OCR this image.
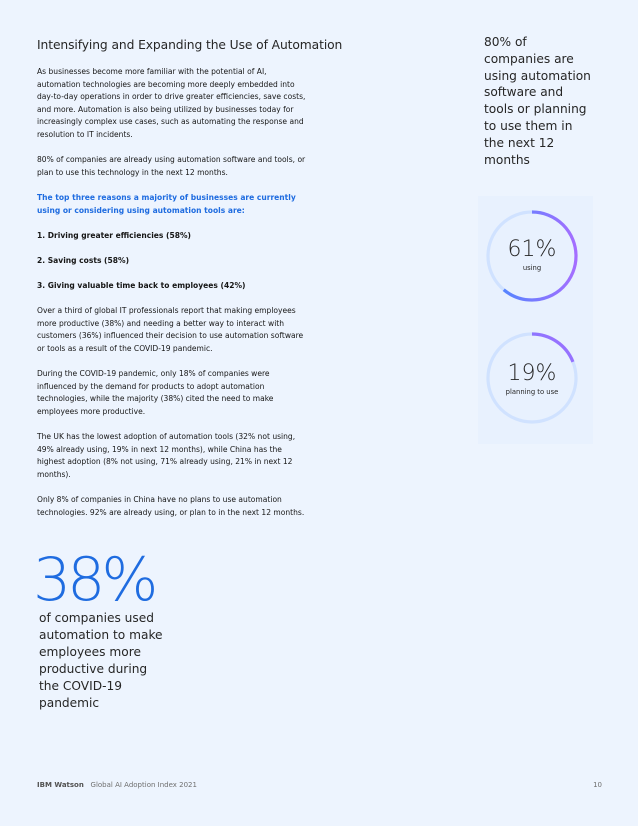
Intensifying and Expanding the Use of Automation

As businesses become more familiar with the potential of AI, automation technologies are becoming more deeply embedded into day-to-day operations in order to drive greater efficiencies, save costs, and more. Automation is also being utilized by businesses today for increasingly complex use cases, such as automating the response and resolution to IT incidents.

80% of companies are already using automation software and tools, or plan to use this technology in the next 12 months.

The top three reasons a majority of businesses are currently using or considering using automation tools are:

1. Driving greater efficiencies (58%)

2. Saving costs (58%)

3. Giving valuable time back to employees (42%)

Over a third of global IT professionals report that making employees more productive (38%) and needing a better way to interact with customers (36%) influenced their decision to use automation software or tools as a result of the COVID-19 pandemic.

During the COVID-19 pandemic, only 18% of companies were influenced by the demand for products to adopt automation technologies, while the majority (38%) cited the need to make employees more productive.

The UK has the lowest adoption of automation tools (32% not using, 49% already using, 19% in next 12 months), while China has the highest adoption (8% not using, 71% already using, 21% in next 12 months).

Only 8% of companies in China have no plans to use automation technologies. 92% are already using, or plan to in the next 12 months.

38%
of companies used automation to make employees more productive during the COVID-19 pandemic
80% of companies are using automation software and tools or planning to use them in the next 12 months
61%
using
19%
planning to use
IBM Watson Global AI Adoption Index 2021	10
